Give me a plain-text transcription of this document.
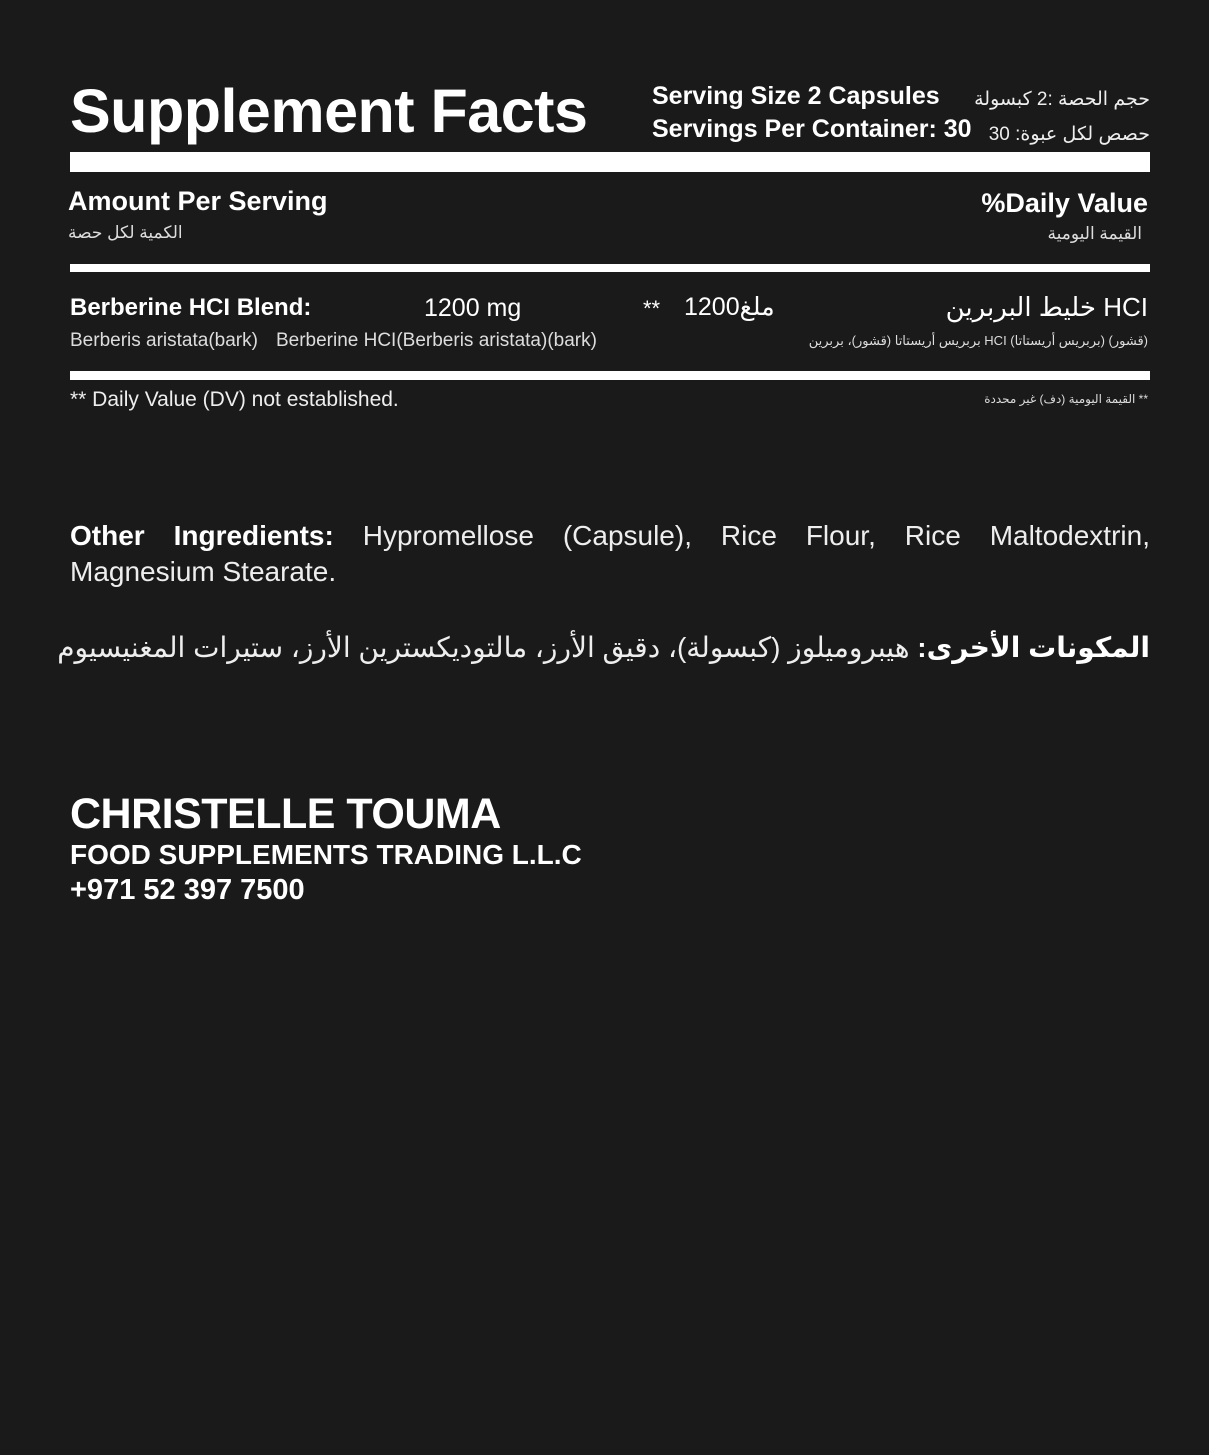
Supplement Facts	Serving Size 2 Capsules
Servings Per Container: 30
حجم الحصة :2 كبسولة
حصص لكل عبوة: 30
Amount Per Serving
الكمية لكل حصة
%Daily Value
القيمة اليومية
Berberine HCI Blend:	1200 mg	** 1200ملغ	HCI خليط البربرين
Berberis aristata(bark) Berberine HCI(Berberis aristata)(bark)	(قشور) (بربريس أريستاتا) HCI بربريس أريستاتا (قشور)، بربرين
** Daily Value (DV) not established.	** القيمة اليومية (دف) غير محددة
Other Ingredients: Hypromellose (Capsule), Rice Flour, Rice Maltodextrin, Magnesium Stearate.
المكونات الأخرى: هيبروميلوز (كبسولة)، دقيق الأرز، مالتوديكسترين الأرز، ستيرات المغنيسيوم
CHRISTELLE TOUMA
FOOD SUPPLEMENTS TRADING L.L.C
+971 52 397 7500
